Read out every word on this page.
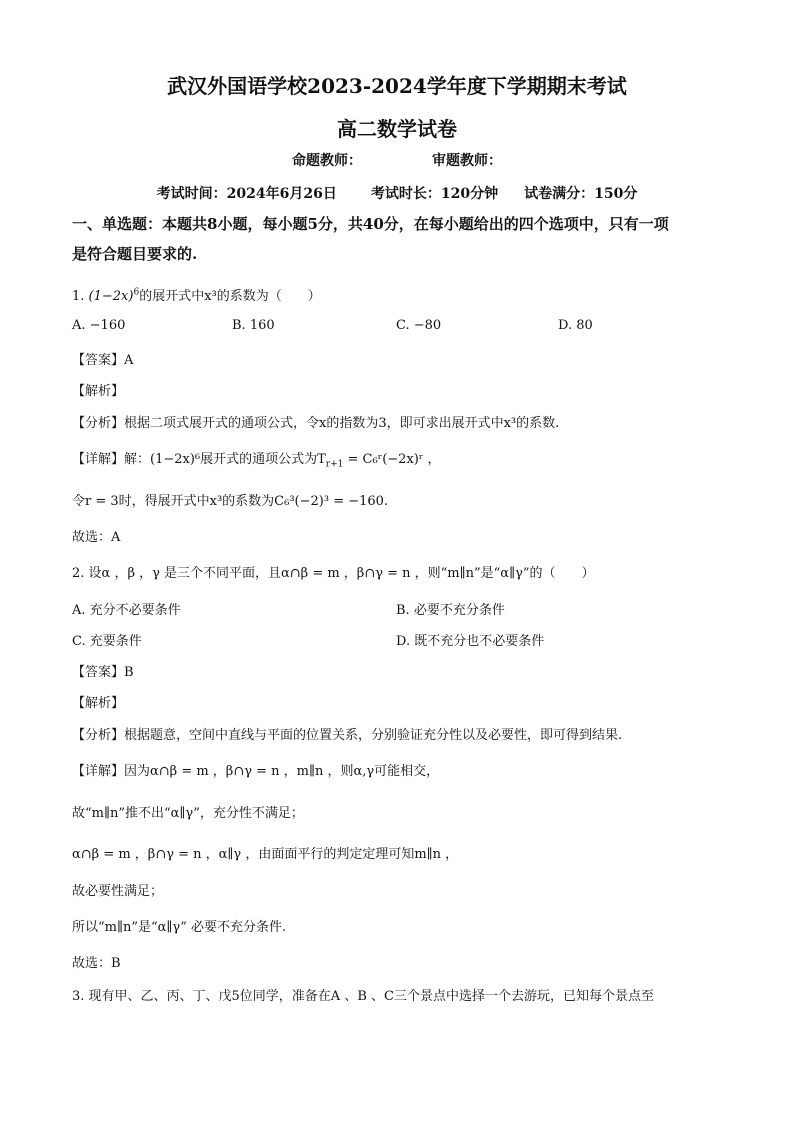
武汉外国语学校2023-2024学年度下学期期末考试
高二数学试卷
命题教师：	审题教师：
考试时间：2024年6月26日 考试时长：120分钟 试卷满分：150分
一、单选题：本题共8小题，每小题5分，共40分，在每小题给出的四个选项中，只有一项
是符合题目要求的.
1. $(1-2x)^6$的展开式中x³的系数为（　　）
A. −160	B. 160	C. −80	D. 80
【答案】A
【解析】
【分析】根据二项式展开式的通项公式，令x的指数为3，即可求出展开式中x³的系数.
【详解】解：(1−2x)⁶展开式的通项公式为$T_{r+1}$ = C₆ʳ(−2x)ʳ ，
令r = 3时，得展开式中x³的系数为C₆³(−2)³ = −160.
故选：A
2. 设α ，β ，γ 是三个不同平面，且α∩β = m ，β∩γ = n ，则“m∥n”是“α∥γ”的（　　）
A. 充分不必要条件	B. 必要不充分条件
C. 充要条件	D. 既不充分也不必要条件
【答案】B
【解析】
【分析】根据题意，空间中直线与平面的位置关系，分别验证充分性以及必要性，即可得到结果.
【详解】因为α∩β = m ，β∩γ = n ，m∥n ，则α,γ可能相交，
故“m∥n”推不出“α∥γ”，充分性不满足；
α∩β = m ，β∩γ = n ，α∥γ ，由面面平行的判定定理可知m∥n ，
故必要性满足；
所以“m∥n”是“α∥γ” 必要不充分条件.
故选：B
3. 现有甲、乙、丙、丁、戊5位同学，准备在A 、B 、C三个景点中选择一个去游玩，已知每个景点至
